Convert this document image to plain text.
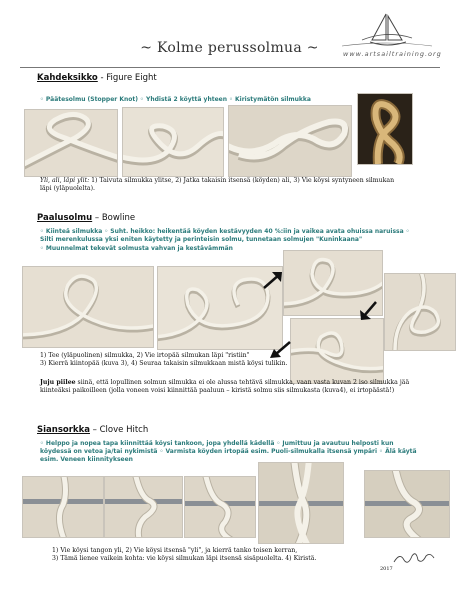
www.artsailtraining.org
~ Kolme perussolmua ~
Kahdeksikko - Figure Eight
◦ Päätesolmu (Stopper Knot) ◦ Yhdistä 2 köyttä yhteen ◦ Kiristymätön silmukka
Yli, ali, läpi ylit: 1) Taivuta silmukka ylitse, 2) Jatka takaisin itsensä (köyden) ali, 3) Vie köysi syntyneen silmukan läpi (yläpuolelta).
Paalusolmu – Bowline
◦ Kiinteä silmukka ◦ Suht. heikko: heikentää köyden kestävyyden 40 %:iin ja vaikea avata ohuissa naruissa ◦ Silti merenkulussa yksi eniten käytetty ja perinteisin solmu, tunnetaan solmujen "Kuninkaana"
◦ Muunnelmat tekevät solmusta vahvan ja kestävämmän
1) Tee (yläpuolinen) silmukka, 2) Vie irtopää silmukan läpi "ristiin"
3) Kierrä kiintopää (kuva 3), 4) Seuraa takaisin silmukkaan mistä köysi tulikin.
Juju piilee siinä, että lopullinen solmun silmukka ei ole alussa tehtävä silmukka, vaan vasta kuvan 2 iso silmukka jää kiinteäksi paikoilleen (jolla voneen voisi kiinnittää paaluun – kiristä solmu siis silmukasta (kuva4), ei irtopäästä!)
Siansorkka – Clove Hitch
◦ Helppo ja nopea tapa kiinnittää köysi tankoon, jopa yhdellä kädellä ◦ Jumittuu ja avautuu helposti kun köydessä on vetoa ja/tai nykimistä ◦ Varmista köyden irtopää esim. Puoli-silmukalla itsensä ympäri ◦ Älä käytä esim. Veneen kiinnitykseen
1) Vie köysi tangon yli, 2) Vie köysi itsensä "yli", ja kierrä tanko toisen kerran,
3) Tämä lienee vaikein kohta: vie köysi silmukan läpi itsensä sisäpuolelta. 4) Kiristä.
2017
